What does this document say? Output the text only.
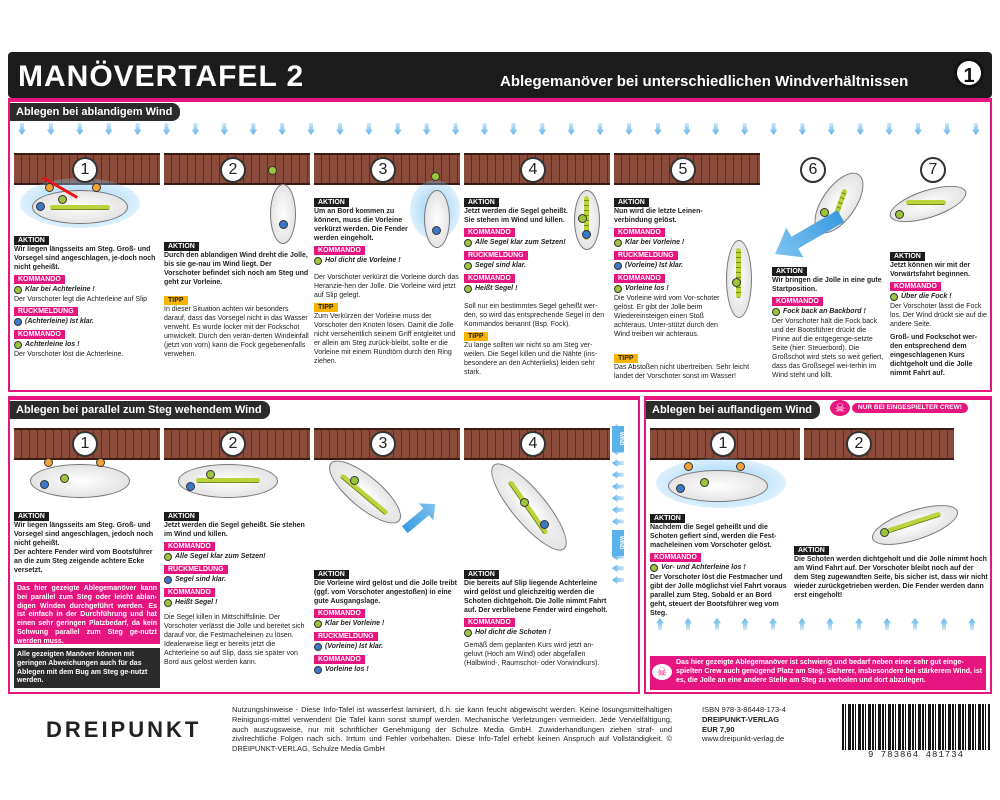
MANÖVERTAFEL 2	Ablegemanöver bei unterschiedlichen Windverhältnissen	1
Ablegen bei ablandigem Wind
1	2	3	4	5	6	7
AKTION
Wir liegen längsseits am Steg. Groß- und Vorsegel sind angeschlagen, je-doch noch nicht geheißt.
KOMMANDO
Klar bei Achterleine !
Der Vorschoter legt die Achterleine auf Slip
RÜCKMELDUNG
(Achterleine) Ist klar.
KOMMANDO
Achterleine los !
Der Vorschoter löst die Achterleine.
AKTION
Durch den ablandigen Wind dreht die Jolle, bis sie ge-nau im Wind liegt. Der Vorschoter befindet sich noch am Steg und geht zur Vorleine.
TIPP
In dieser Situation achten wir besonders darauf, dass das Vorsegel nicht in das Wasser verweht. Es wurde locker mit der Fockschot umwickelt. Durch den verän-derten Windeinfall (jetzt von vorn) kann die Fock gegebenenfalls verwehen.
AKTION
Um an Bord kommen zu können, muss die Vorleine verkürzt werden. Die Fender werden eingeholt.
KOMMANDO
Hol dicht die Vorleine !
Der Vorschoter verkürzt die Vorleine durch das Heranzie-hen der Jolle. Die Vorleine wird jetzt auf Slip gelegt.
TIPP
Zum Verkürzen der Vorleine muss der Vorschoter den Knoten lösen. Damit die Jolle nicht versehentlich seinem Griff entgleitet und er allein am Steg zurück-bleibt, sollte er die Vorleine mit einem Rundtörn durch den Ring ziehen.
AKTION
Jetzt werden die Segel geheißt. Sie stehen im Wind und killen.
KOMMANDO
Alle Segel klar zum Setzen!
RÜCKMELDUNG
Segel sind klar.
KOMMANDO
Heißt Segel !
Soll nur ein bestimmtes Segel geheißt wer-den, so wird das entsprechende Segel in den Kommandos benannt (Bsp. Fock).
TIPP
Zu lange sollten wir nicht so am Steg ver-weilen. Die Segel killen und die Nähte (ins-besondere an den Achterlieks) leiden sehr stark.
AKTION
Nun wird die letzte Leinen-verbindung gelöst.
KOMMANDO
Klar bei Vorleine !
RÜCKMELDUNG
(Vorleine) Ist klar.
KOMMANDO
Vorleine los !
Die Vorleine wird vom Vor-schoter gelöst. Er gibt der Jolle beim Wiedereinsteigen einen Stoß achteraus. Unter-stützt durch den Wind treiben wir achteraus.
TIPP
Das Abstoßen nicht übertreiben. Sehr leicht landet der Vorschoter sonst im Wasser!
AKTION
Wir bringen die Jolle in eine gute Startposition.
KOMMANDO
Fock back an Backbord !
Der Vorschoter hält die Fock back und der Bootsführer drückt die Pinne auf die entgegenge-setzte Seite (hier: Steuerbord). Die Großschot wird stets so weit gefiert, dass das Großsegel wei-terhin im Wind steht und killt.
AKTION
Jetzt können wir mit der Vorwärtsfahrt beginnen.
KOMMANDO
Über die Fock !
Der Vorschoter lässt die Fock los. Der Wind drückt sie auf die andere Seite.
Groß- und Fockschot wer-den entsprechend dem eingeschlagenen Kurs dichtgeholt und die Jolle nimmt Fahrt auf.
Ablegen bei parallel zum Steg wehendem Wind
WIND
WIND
1	2	3	4
AKTION
Wir liegen längsseits am Steg. Groß- und Vorsegel sind angeschlagen, jedoch noch nicht geheißt.
Der achtere Fender wird vom Bootsführer an die zum Steg zeigende achtere Ecke versetzt.
Das hier gezeigte Ablegemanöver kann bei parallel zum Steg oder leicht ablan-digen Winden durchgeführt werden. Es ist einfach in der Durchführung und hat einen sehr geringen Platzbedarf, da kein Schwung parallel zum Steg ge-nutzt werden muss.
Alle gezeigten Manöver können mit geringen Abweichungen auch für das Ablegen mit dem Bug am Steg ge-nutzt werden.
AKTION
Jetzt werden die Segel geheißt. Sie stehen im Wind und killen.
KOMMANDO
Alle Segel klar zum Setzen!
RÜCKMELDUNG
Segel sind klar.
KOMMANDO
Heißt Segel !
Die Segel killen in Mittschiffslinie. Der Vorschoter verlässt die Jolle und bereitet sich darauf vor, die Festmacheleinen zu lösen. Idealerweise liegt er bereits jetzt die Achterleine so auf Slip, dass sie später von Bord aus gelöst werden kann.
AKTION
Die Vorleine wird gelöst und die Jolle treibt (ggf. vom Vorschoter angestoßen) in eine gute Ausgangslage.
KOMMANDO
Klar bei Vorleine !
RÜCKMELDUNG
(Vorleine) Ist klar.
KOMMANDO
Vorleine los !
AKTION
Die bereits auf Slip liegende Achterleine wird gelöst und gleichzeitig werden die Schoten dichtgeholt. Die Jolle nimmt Fahrt auf. Der verbliebene Fender wird eingeholt.
KOMMANDO
Hol dicht die Schoten !
Gemäß dem geplanten Kurs wird jetzt an-geluvt (Hoch am Wind) oder abgefallen (Halbwind-, Raumschot- oder Vorwindkurs).
Ablegen bei auflandigem Wind	☠	NUR BEI EINGESPIELTER CREW!
1	2
AKTION
Nachdem die Segel geheißt und die Schoten gefiert sind, werden die Fest-macheleinen vom Vorschoter gelöst.
KOMMANDO
Vor- und Achterleine los !
Der Vorschoter löst die Festmacher und gibt der Jolle möglichst viel Fahrt voraus parallel zum Steg. Sobald er an Bord geht, steuert der Bootsführer weg vom Steg.
AKTION
Die Schoten werden dichtgeholt und die Jolle nimmt hoch am Wind Fahrt auf. Der Vorschoter bleibt noch auf der dem Steg zugewandten Seite, bis sicher ist, dass wir nicht wieder zurückgetrieben werden. Die Fender werden dann erst eingeholt!
Das hier gezeigte Ablegemanöver ist schwierig und bedarf neben einer sehr gut einge-spielten Crew auch genügend Platz am Steg. Sicherer, insbesondere bei stärkerem Wind, ist es, die Jolle an eine andere Stelle am Steg zu verholen und dort abzulegen.
☠
DREIPUNKT
Nutzungshinweise - Diese Info-Tafel ist wasserfest laminiert, d.h. sie kann feucht abgewischt werden. Keine lösungsmittelhaltigen Reinigungs-mittel verwenden! Die Tafel kann sonst stumpf werden. Mechanische Verletzungen vermeiden. Jede Vervielfältigung, auch auszugsweise, nur mit schriftlicher Genehmigung der Schulze Media GmbH. Zuwiderhandlungen ziehen straf- und zivilrechtliche Folgen nach sich. Irrtum und Fehler vorbehalten. Diese Info-Tafel erhebt keinen Anspruch auf Vollständigkeit. © DREIPUNKT-VERLAG, Schulze Media GmbH
ISBN 978-3-86448-173-4
DREIPUNKT-VERLAG
EUR 7,90
www.dreipunkt-verlag.de
9 783864 481734
